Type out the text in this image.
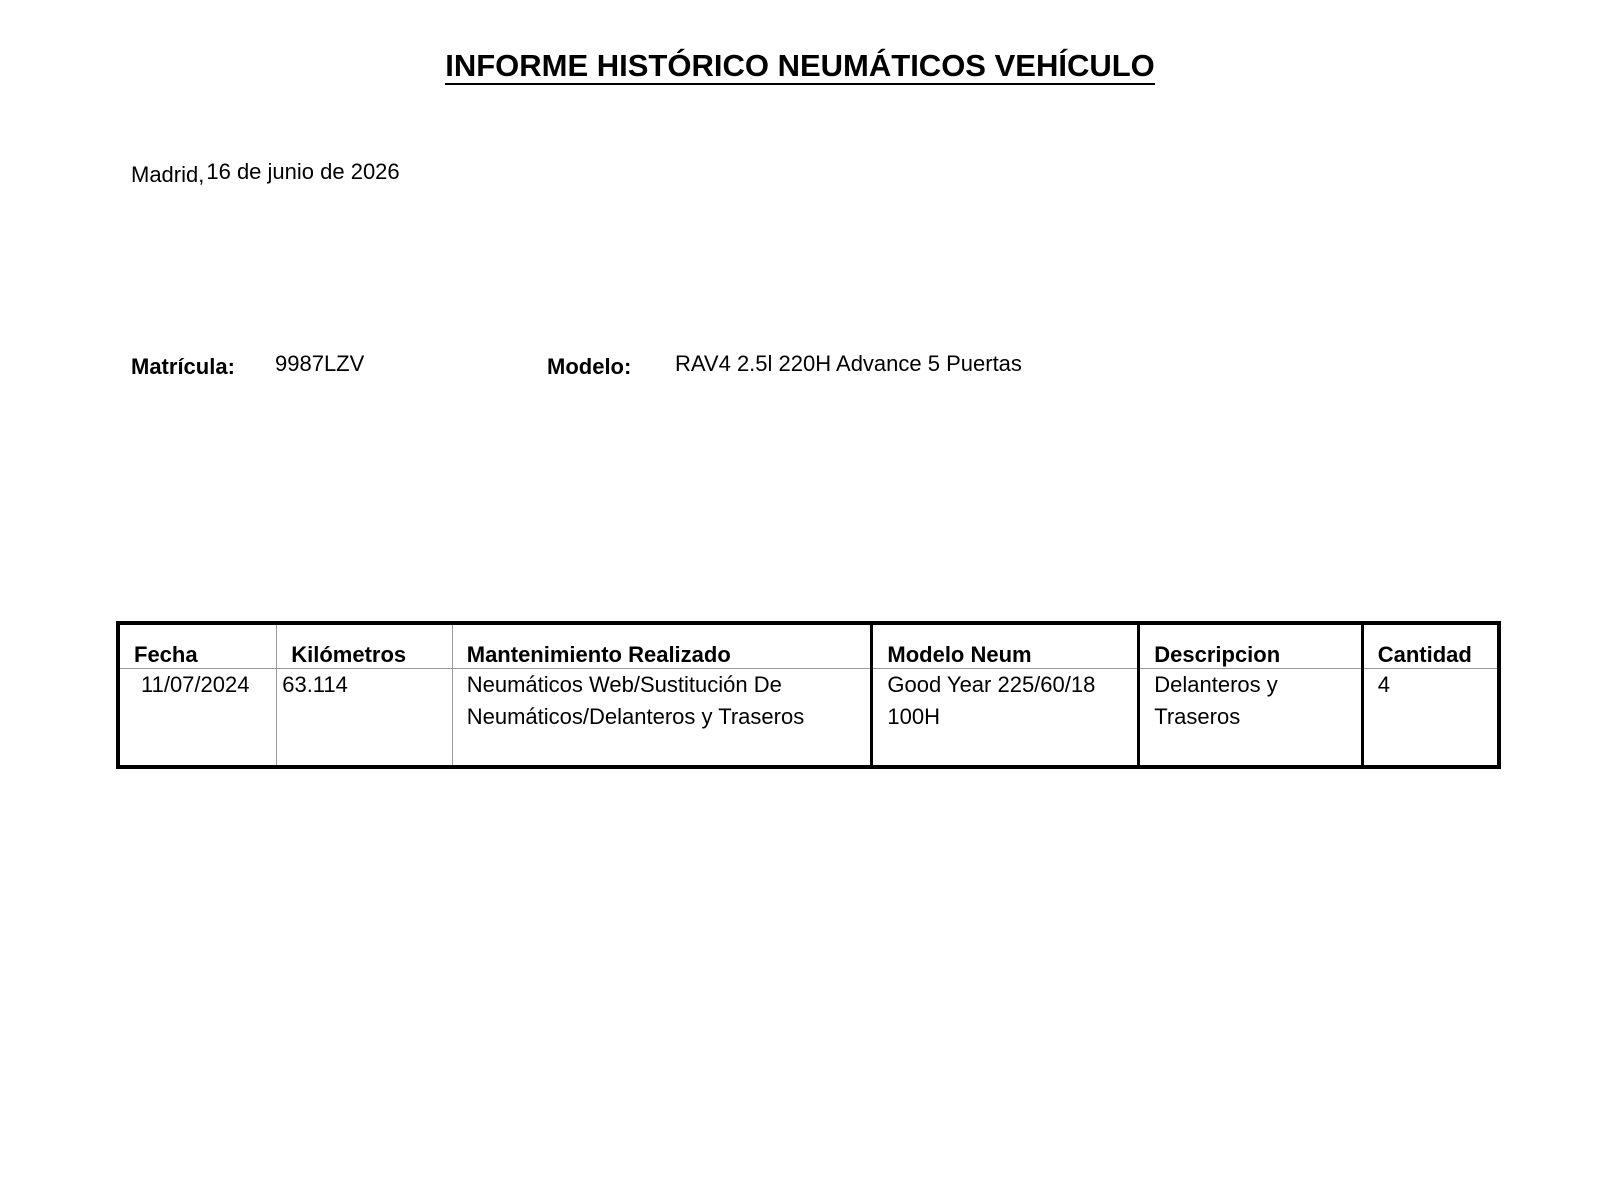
INFORME HISTÓRICO NEUMÁTICOS VEHÍCULO
Madrid,16 de junio de 2026
Matrícula: 9987LZV	Modelo: RAV4 2.5l 220H Advance 5 Puertas
Fecha	Kilómetros	Mantenimiento Realizado	Modelo Neum	Descripcion	Cantidad
11/07/2024	63.114	Neumáticos Web/Sustitución De Neumáticos/Delanteros y Traseros	Good Year 225/60/18 100H	Delanteros y Traseros	4
